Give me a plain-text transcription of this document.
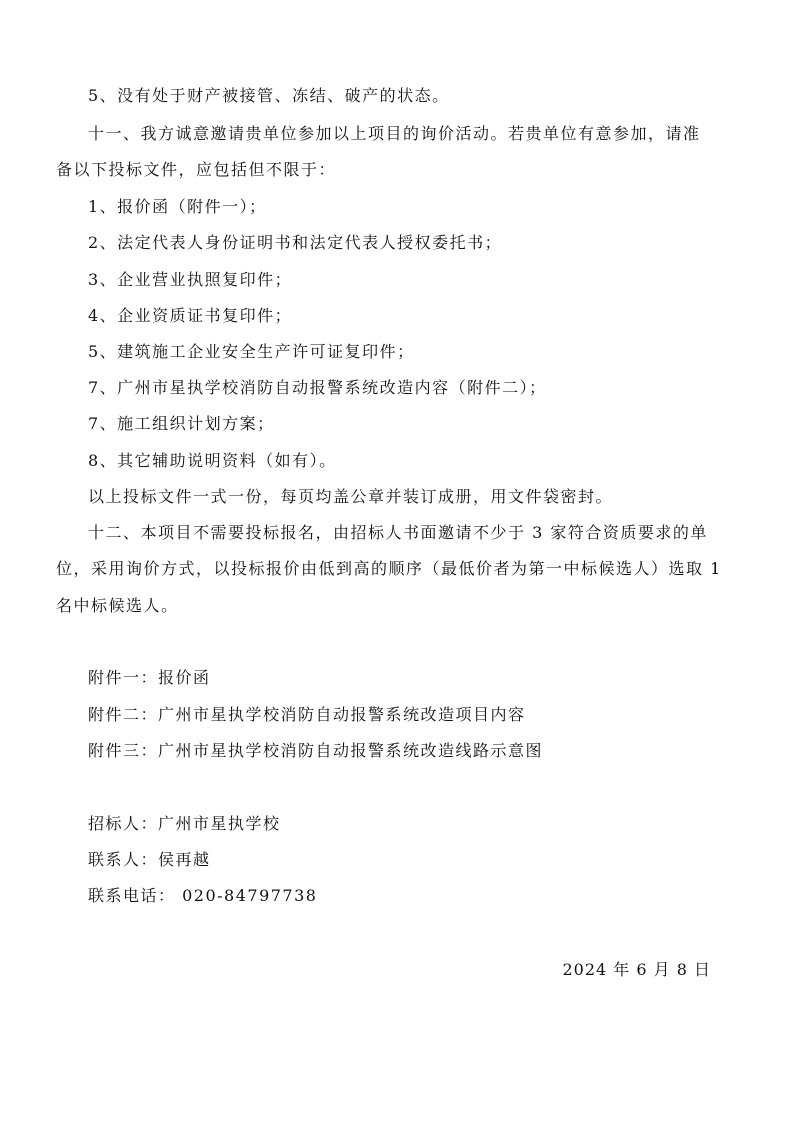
5、没有处于财产被接管、冻结、破产的状态。
十一、我方诚意邀请贵单位参加以上项目的询价活动。若贵单位有意参加，请准
备以下投标文件，应包括但不限于：
1、报价函（附件一）；
2、法定代表人身份证明书和法定代表人授权委托书；
3、企业营业执照复印件；
4、企业资质证书复印件；
5、建筑施工企业安全生产许可证复印件；
7、广州市星执学校消防自动报警系统改造内容（附件二）；
7、施工组织计划方案；
8、其它辅助说明资料（如有）。
以上投标文件一式一份，每页均盖公章并装订成册，用文件袋密封。
十二、本项目不需要投标报名，由招标人书面邀请不少于 3 家符合资质要求的单
位，采用询价方式，以投标报价由低到高的顺序（最低价者为第一中标候选人）选取 1
名中标候选人。
附件一：报价函
附件二：广州市星执学校消防自动报警系统改造项目内容
附件三：广州市星执学校消防自动报警系统改造线路示意图
招标人：广州市星执学校
联系人：侯再越
联系电话： 020-84797738
2024 年 6 月 8 日
